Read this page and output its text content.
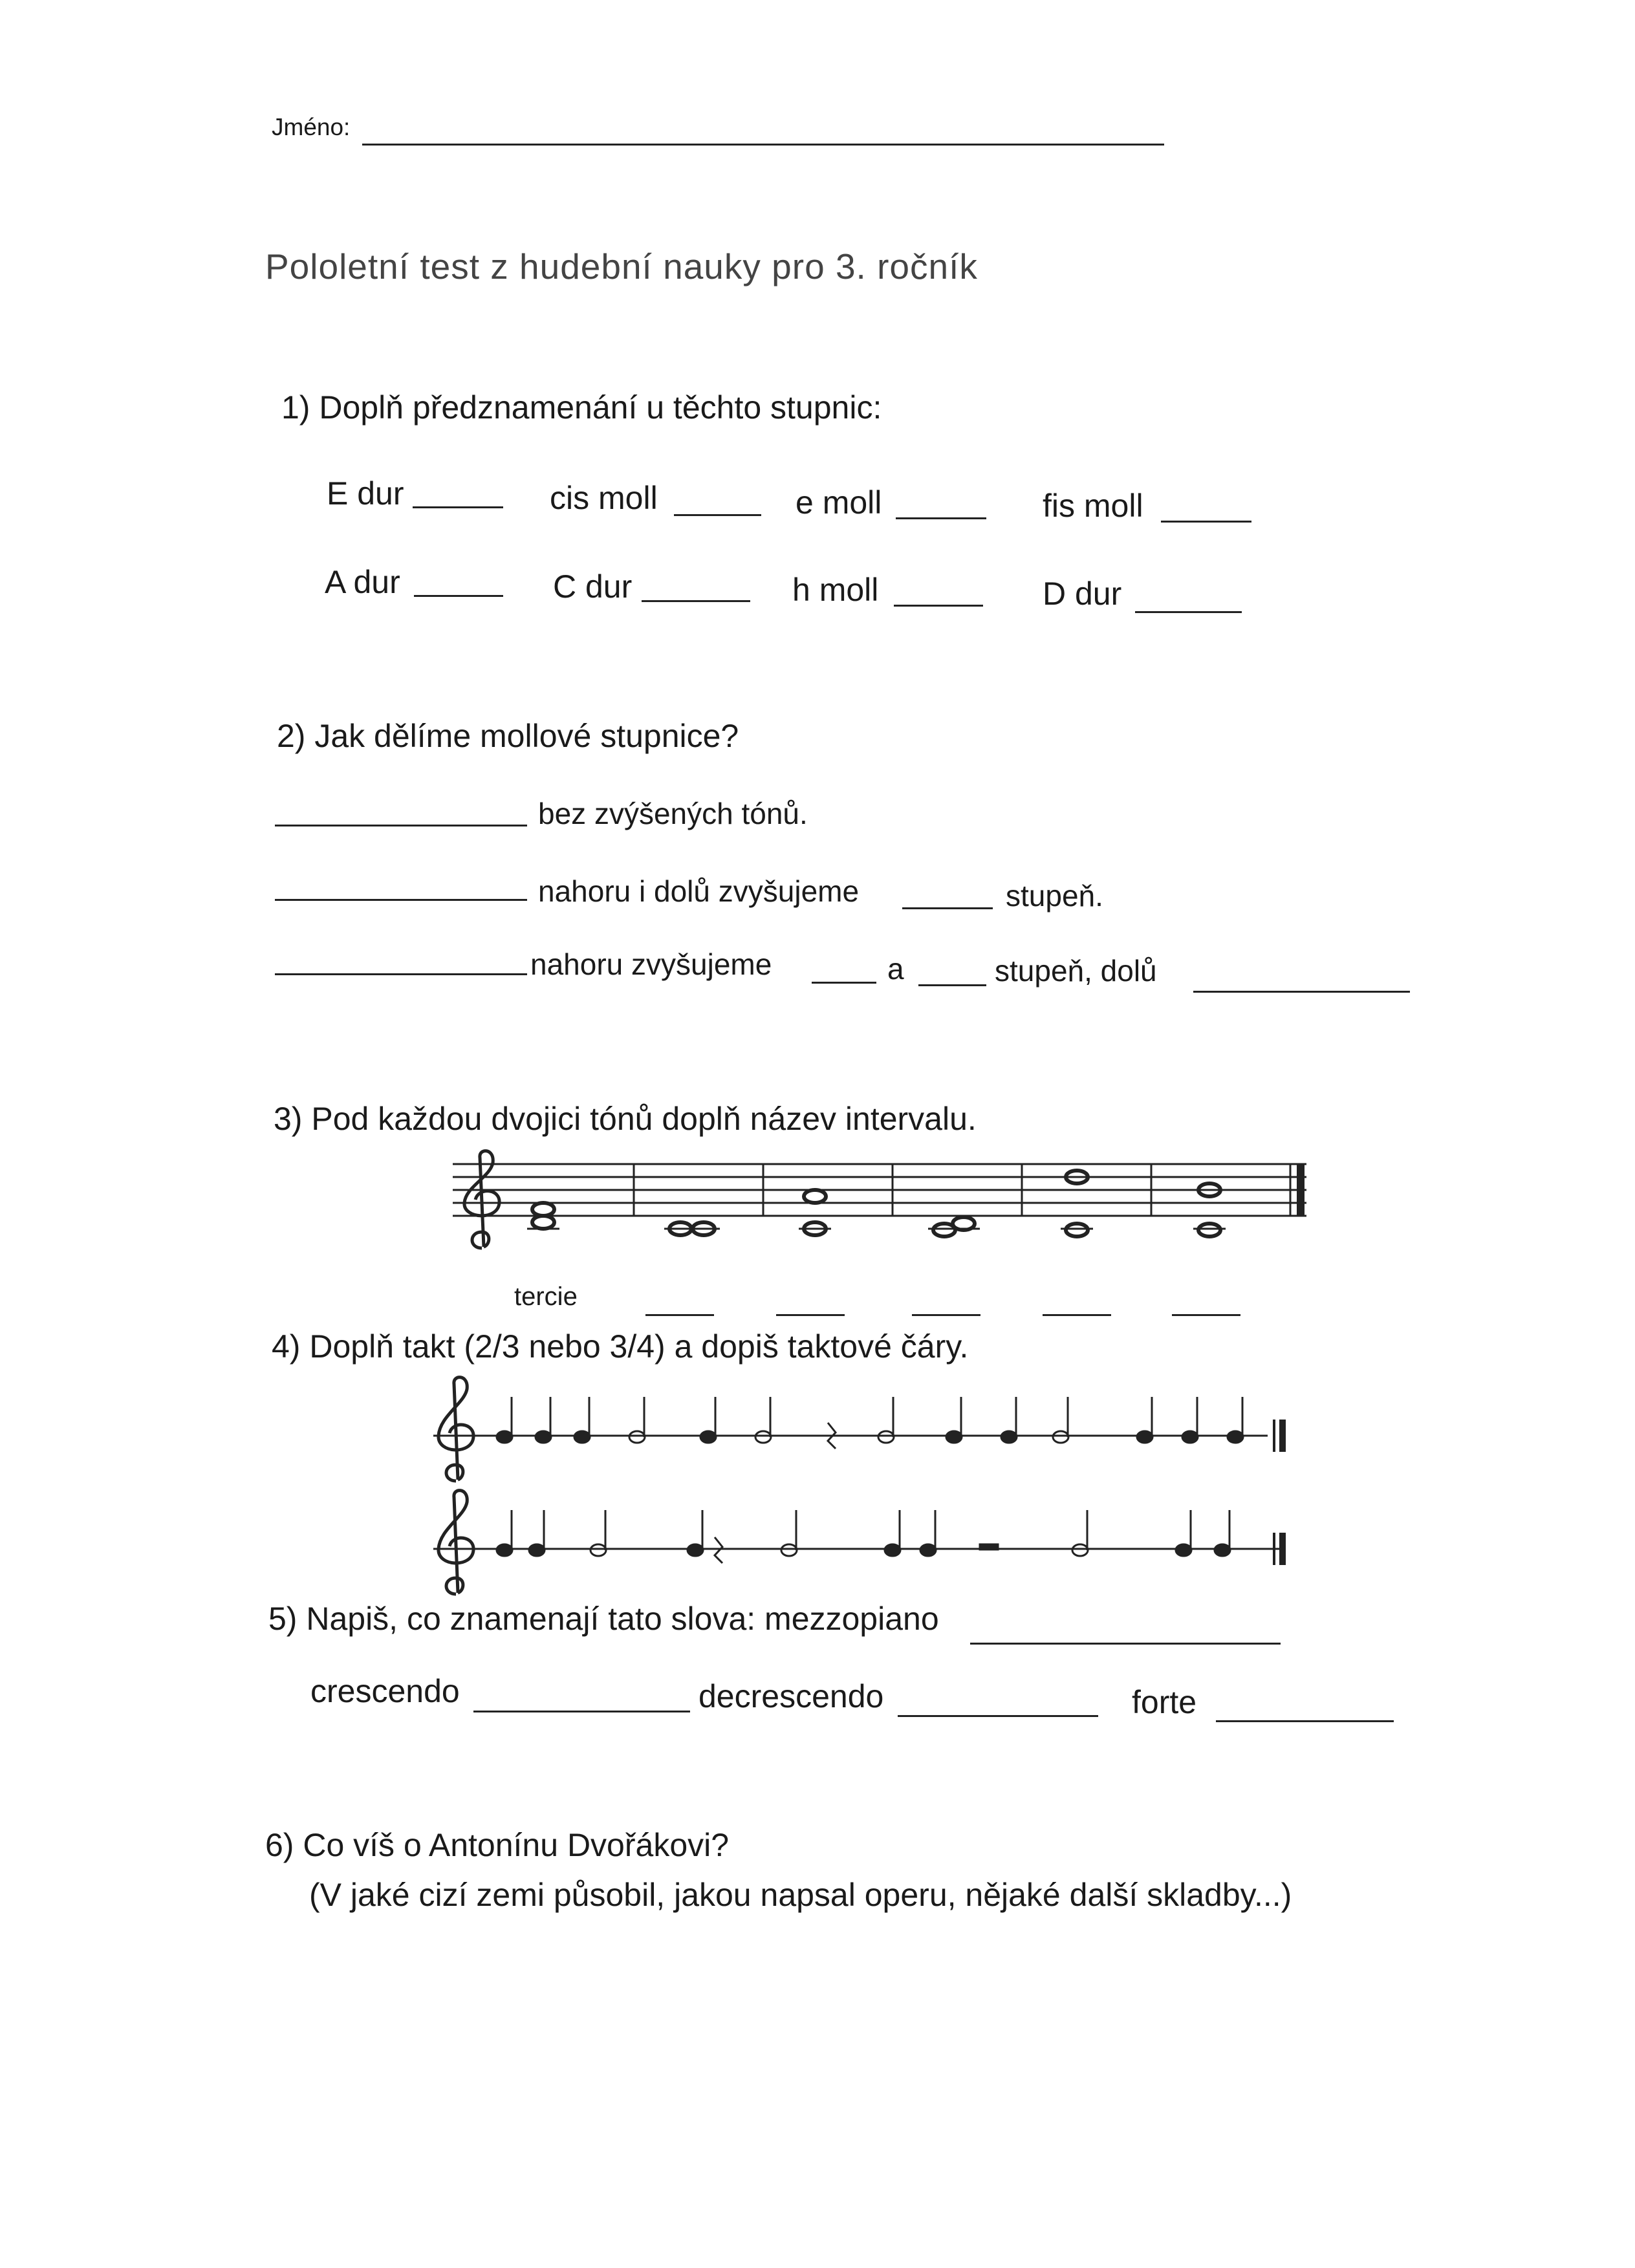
Jméno:
Pololetní test z hudební nauky pro 3. ročník
1) Doplň předznamenání u těchto stupnic:
E dur	cis moll	e moll	fis moll
A dur	C dur	h moll	D dur
2) Jak dělíme mollové stupnice?
bez zvýšených tónů.
nahoru i dolů zvyšujeme	stupeň.
nahoru zvyšujeme	a	stupeň, dolů
3) Pod každou dvojici tónů doplň název intervalu.
tercie
4) Doplň takt (2/3 nebo 3/4) a dopiš taktové čáry.
5) Napiš, co znamenají tato slova: mezzopiano
crescendo	decrescendo	forte
6) Co víš o Antonínu Dvořákovi?
(V jaké cizí zemi působil, jakou napsal operu, nějaké další skladby...)
